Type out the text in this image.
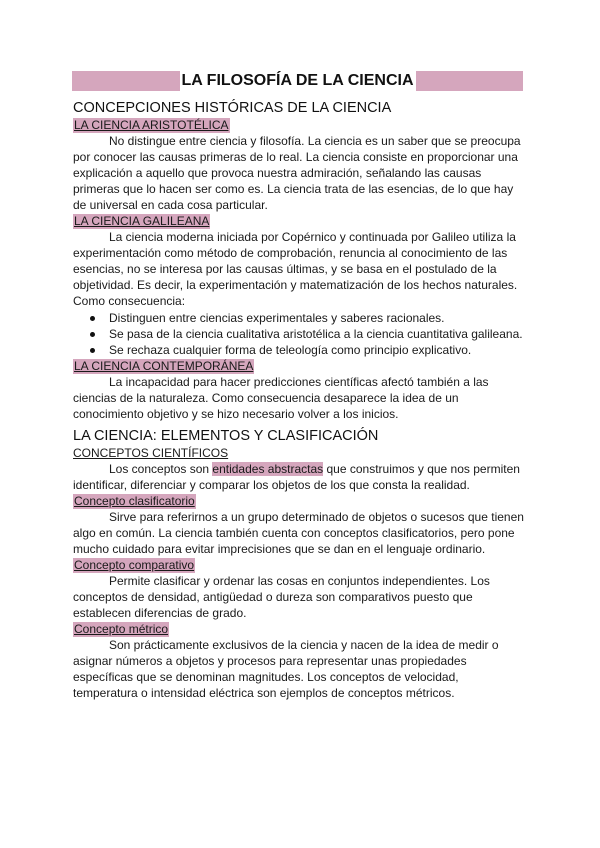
LA FILOSOFÍA DE LA CIENCIA
CONCEPCIONES HISTÓRICAS DE LA CIENCIA
LA CIENCIA ARISTOTÉLICA

No distingue entre ciencia y filosofía. La ciencia es un saber que se preocupa por conocer las causas primeras de lo real. La ciencia consiste en proporcionar una explicación a aquello que provoca nuestra admiración, señalando las causas primeras que lo hacen ser como es. La ciencia trata de las esencias, de lo que hay de universal en cada cosa particular.

LA CIENCIA GALILEANA

La ciencia moderna iniciada por Copérnico y continuada por Galileo utiliza la experimentación como método de comprobación, renuncia al conocimiento de las esencias, no se interesa por las causas últimas, y se basa en el postulado de la objetividad. Es decir, la experimentación y matematización de los hechos naturales.

Como consecuencia:

Distinguen entre ciencias experimentales y saberes racionales.
Se pasa de la ciencia cualitativa aristotélica a la ciencia cuantitativa galileana.
Se rechaza cualquier forma de teleología como principio explicativo.
LA CIENCIA CONTEMPORÁNEA

La incapacidad para hacer predicciones científicas afectó también a las ciencias de la naturaleza. Como consecuencia desaparece la idea de un conocimiento objetivo y se hizo necesario volver a los inicios.

LA CIENCIA: ELEMENTOS Y CLASIFICACIÓN
CONCEPTOS CIENTÍFICOS

Los conceptos son entidades abstractas que construimos y que nos permiten identificar, diferenciar y comparar los objetos de los que consta la realidad.

Concepto clasificatorio

Sirve para referirnos a un grupo determinado de objetos o sucesos que tienen algo en común. La ciencia también cuenta con conceptos clasificatorios, pero pone mucho cuidado para evitar imprecisiones que se dan en el lenguaje ordinario.

Concepto comparativo

Permite clasificar y ordenar las cosas en conjuntos independientes. Los conceptos de densidad, antigüedad o dureza son comparativos puesto que establecen diferencias de grado.

Concepto métrico

Son prácticamente exclusivos de la ciencia y nacen de la idea de medir o asignar números a objetos y procesos para representar unas propiedades específicas que se denominan magnitudes. Los conceptos de velocidad, temperatura o intensidad eléctrica son ejemplos de conceptos métricos.
